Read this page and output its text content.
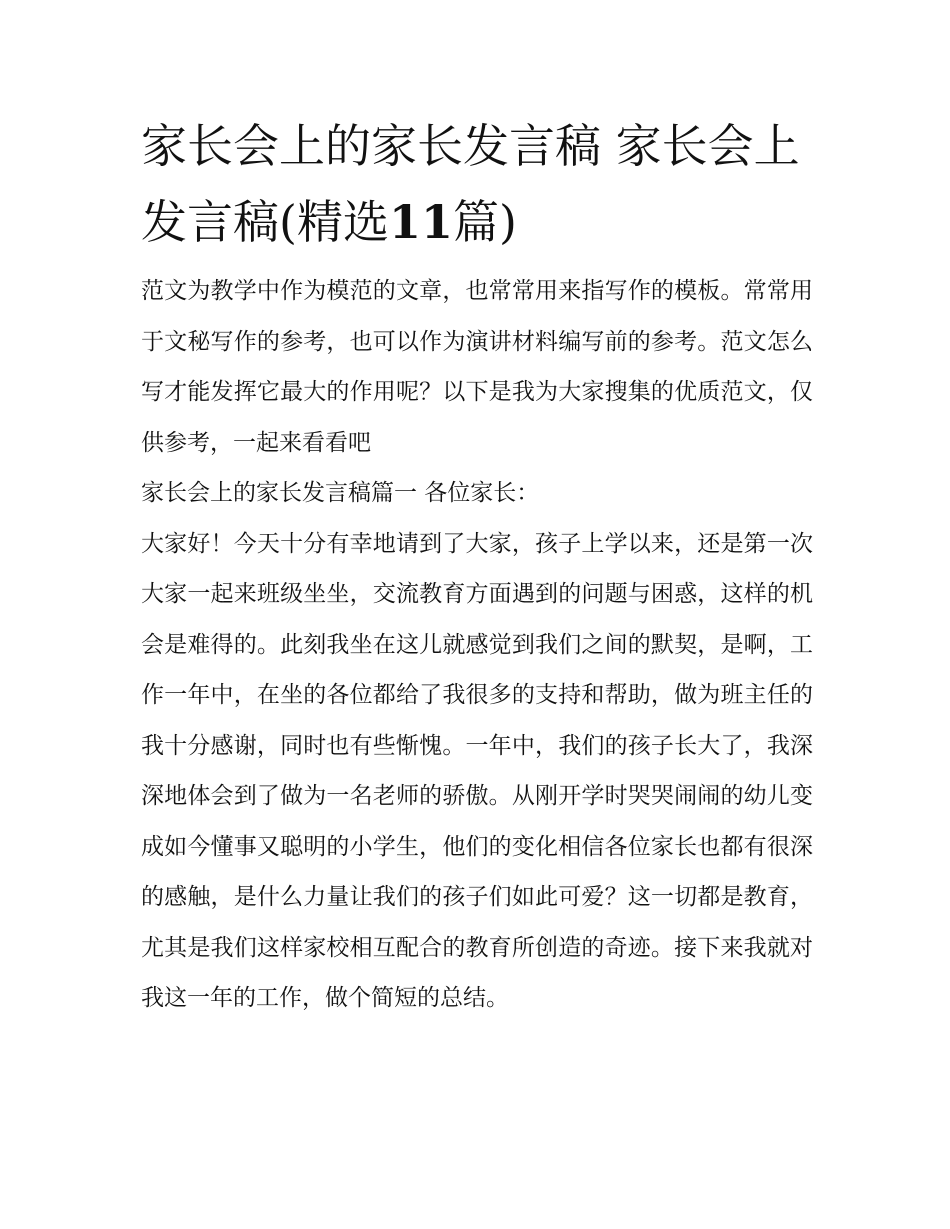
家长会上的家长发言稿 家长会上发言稿(精选11篇)

范文为教学中作为模范的文章，也常常用来指写作的模板。常常用于文秘写作的参考，也可以作为演讲材料编写前的参考。范文怎么写才能发挥它最大的作用呢？以下是我为大家搜集的优质范文，仅供参考，一起来看看吧

家长会上的家长发言稿篇一 各位家长：

大家好！今天十分有幸地请到了大家，孩子上学以来，还是第一次大家一起来班级坐坐，交流教育方面遇到的问题与困惑，这样的机会是难得的。此刻我坐在这儿就感觉到我们之间的默契，是啊，工作一年中，在坐的各位都给了我很多的支持和帮助，做为班主任的我十分感谢，同时也有些惭愧。一年中，我们的孩子长大了，我深深地体会到了做为一名老师的骄傲。从刚开学时哭哭闹闹的幼儿变成如今懂事又聪明的小学生，他们的变化相信各位家长也都有很深的感触，是什么力量让我们的孩子们如此可爱？这一切都是教育，尤其是我们这样家校相互配合的教育所创造的奇迹。接下来我就对我这一年的工作，做个简短的总结。
